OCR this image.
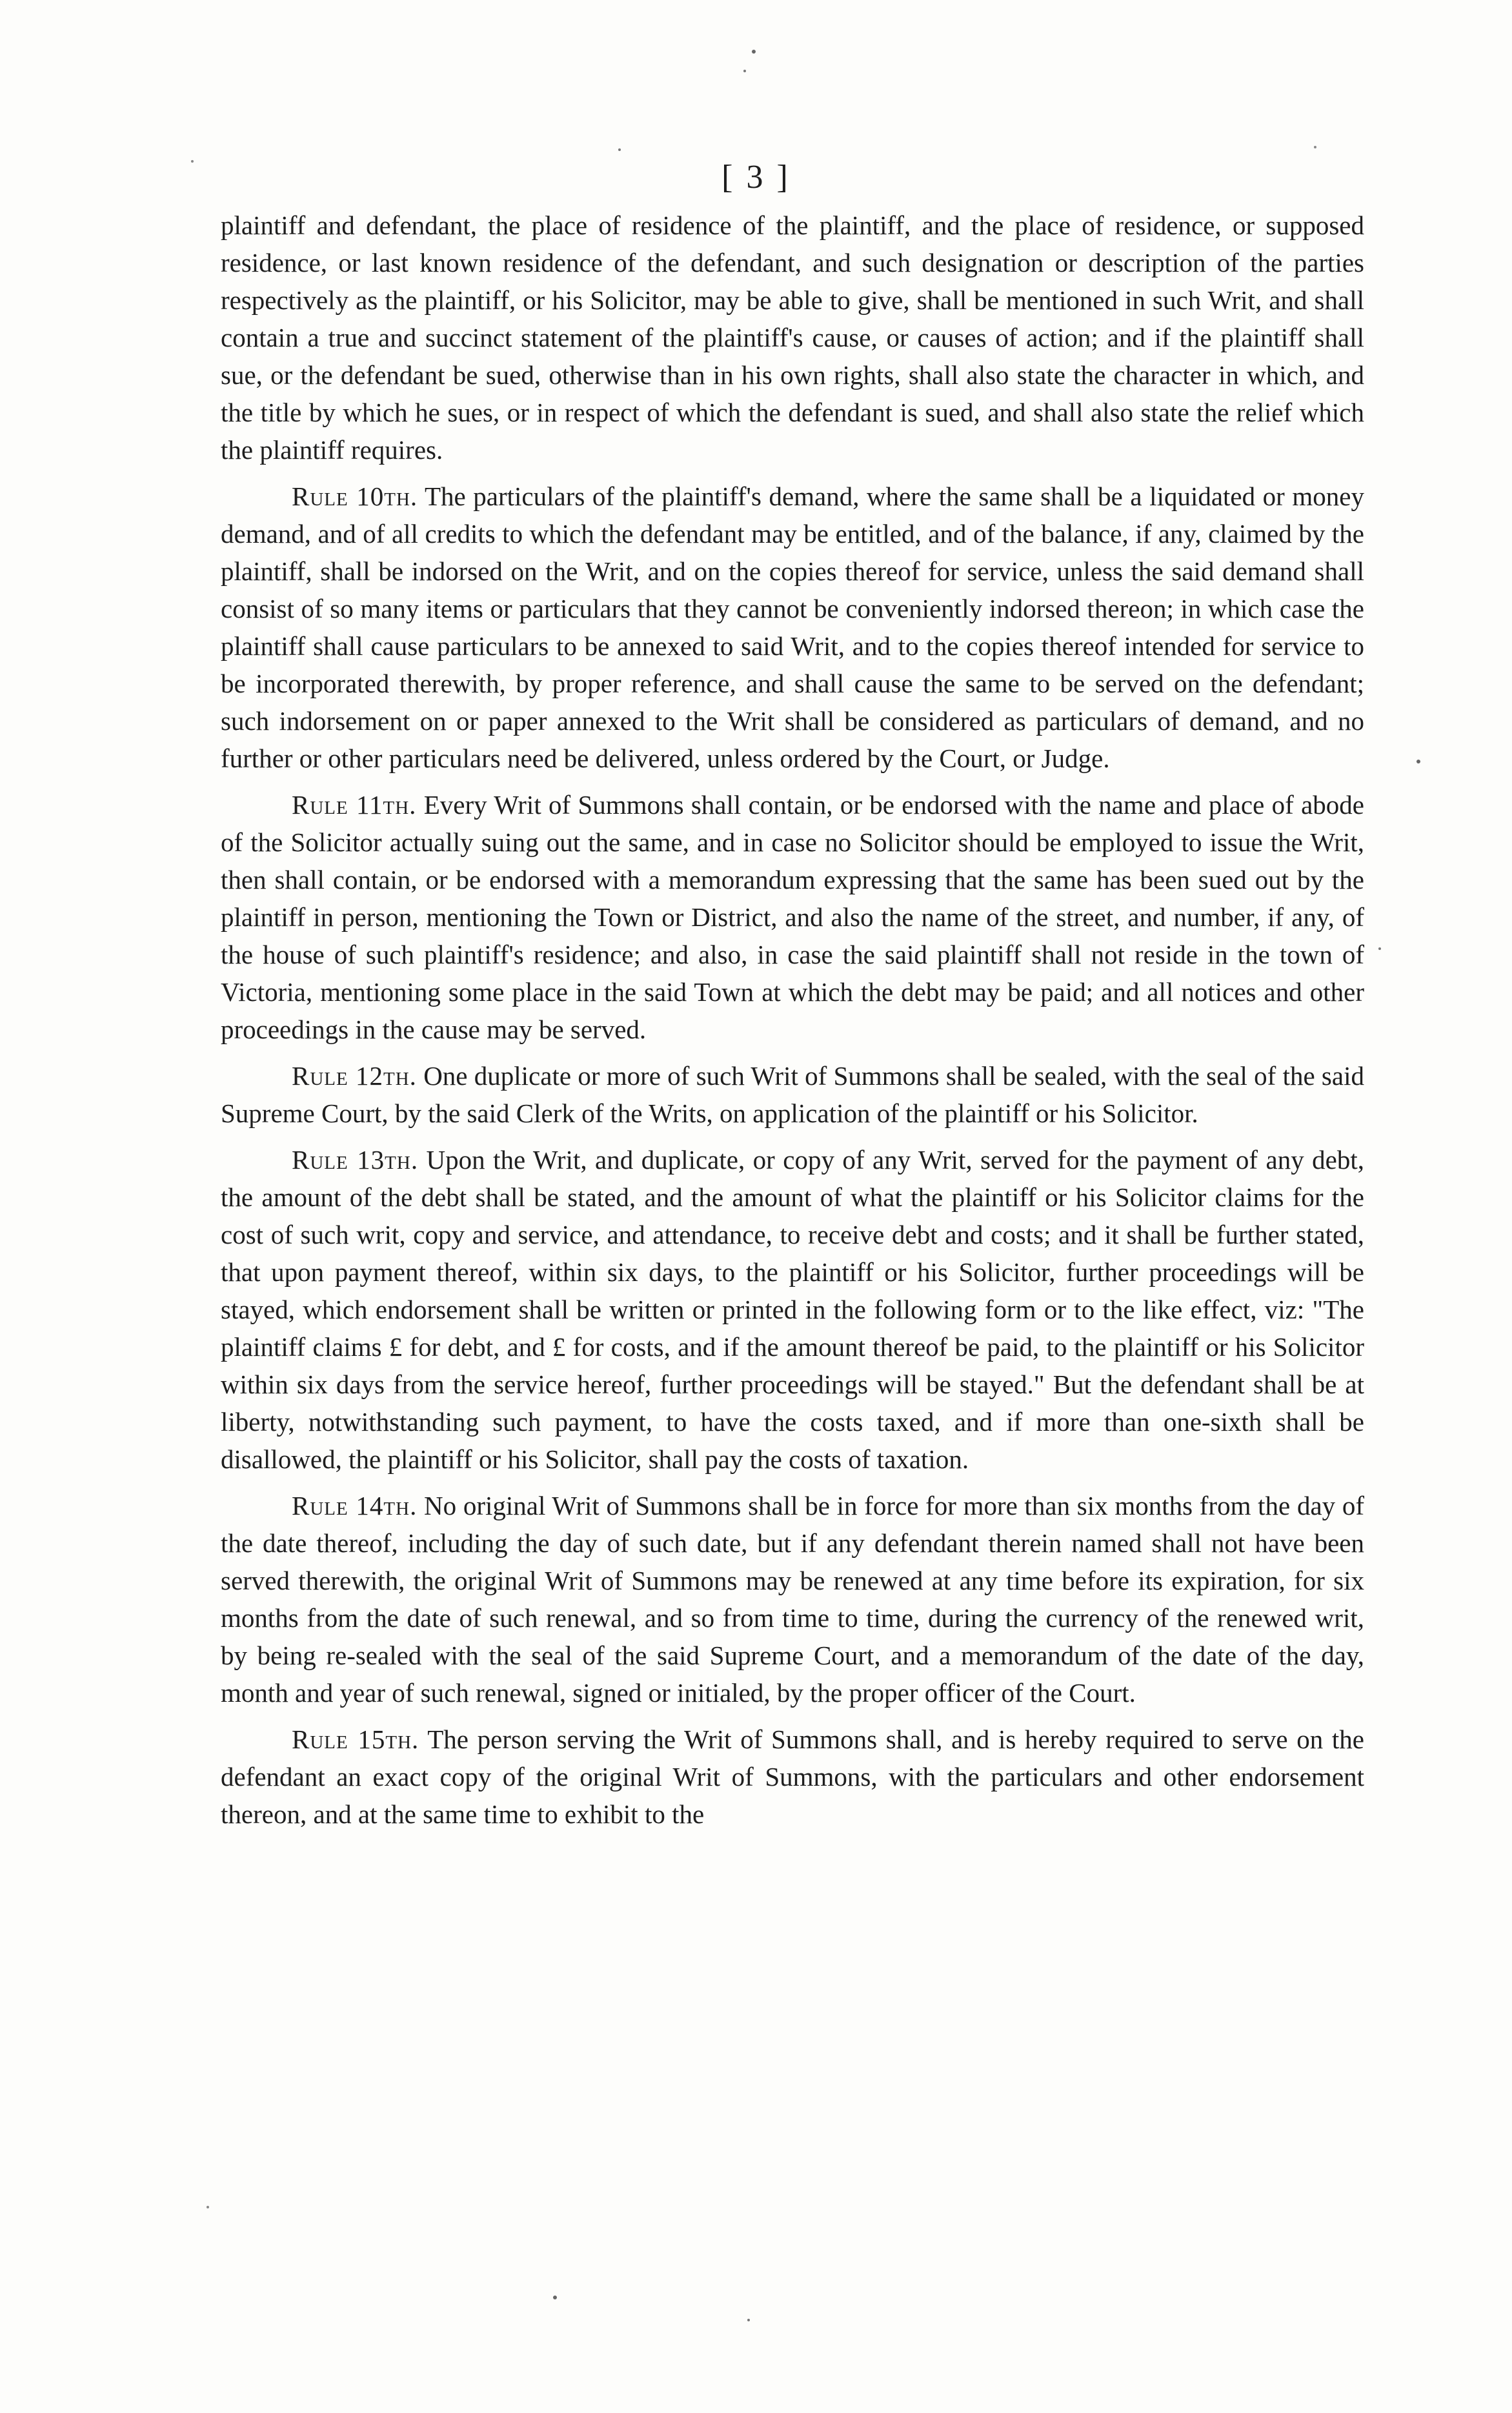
[ 3 ]

plaintiff and defendant, the place of residence of the plaintiff, and the place of residence, or supposed residence, or last known residence of the defendant, and such designation or description of the parties respectively as the plaintiff, or his Solicitor, may be able to give, shall be mentioned in such Writ, and shall contain a true and succinct statement of the plaintiff's cause, or causes of action; and if the plaintiff shall sue, or the defendant be sued, otherwise than in his own rights, shall also state the character in which, and the title by which he sues, or in respect of which the defendant is sued, and shall also state the relief which the plaintiff requires.

Rule 10th. The particulars of the plaintiff's demand, where the same shall be a liquidated or money demand, and of all credits to which the defendant may be entitled, and of the balance, if any, claimed by the plaintiff, shall be indorsed on the Writ, and on the copies thereof for service, unless the said demand shall consist of so many items or particulars that they cannot be conveniently indorsed thereon; in which case the plaintiff shall cause particulars to be annexed to said Writ, and to the copies thereof intended for service to be incorporated therewith, by proper reference, and shall cause the same to be served on the defendant; such indorsement on or paper annexed to the Writ shall be considered as particulars of demand, and no further or other particulars need be delivered, unless ordered by the Court, or Judge.

Rule 11th. Every Writ of Summons shall contain, or be endorsed with the name and place of abode of the Solicitor actually suing out the same, and in case no Solicitor should be employed to issue the Writ, then shall contain, or be endorsed with a memorandum expressing that the same has been sued out by the plaintiff in person, mentioning the Town or District, and also the name of the street, and number, if any, of the house of such plaintiff's residence; and also, in case the said plaintiff shall not reside in the town of Victoria, mentioning some place in the said Town at which the debt may be paid; and all notices and other proceedings in the cause may be served.

Rule 12th. One duplicate or more of such Writ of Summons shall be sealed, with the seal of the said Supreme Court, by the said Clerk of the Writs, on application of the plaintiff or his Solicitor.

Rule 13th. Upon the Writ, and duplicate, or copy of any Writ, served for the payment of any debt, the amount of the debt shall be stated, and the amount of what the plaintiff or his Solicitor claims for the cost of such writ, copy and service, and attendance, to receive debt and costs; and it shall be further stated, that upon payment thereof, within six days, to the plaintiff or his Solicitor, further proceedings will be stayed, which endorsement shall be written or printed in the following form or to the like effect, viz: "The plaintiff claims £ for debt, and £ for costs, and if the amount thereof be paid, to the plaintiff or his Solicitor within six days from the service hereof, further proceedings will be stayed." But the defendant shall be at liberty, notwithstanding such payment, to have the costs taxed, and if more than one-sixth shall be disallowed, the plaintiff or his Solicitor, shall pay the costs of taxation.

Rule 14th. No original Writ of Summons shall be in force for more than six months from the day of the date thereof, including the day of such date, but if any defendant therein named shall not have been served therewith, the original Writ of Summons may be renewed at any time before its expiration, for six months from the date of such renewal, and so from time to time, during the currency of the renewed writ, by being re-sealed with the seal of the said Supreme Court, and a memorandum of the date of the day, month and year of such renewal, signed or initialed, by the proper officer of the Court.

Rule 15th. The person serving the Writ of Summons shall, and is hereby required to serve on the defendant an exact copy of the original Writ of Summons, with the particulars and other endorsement thereon, and at the same time to exhibit to the
